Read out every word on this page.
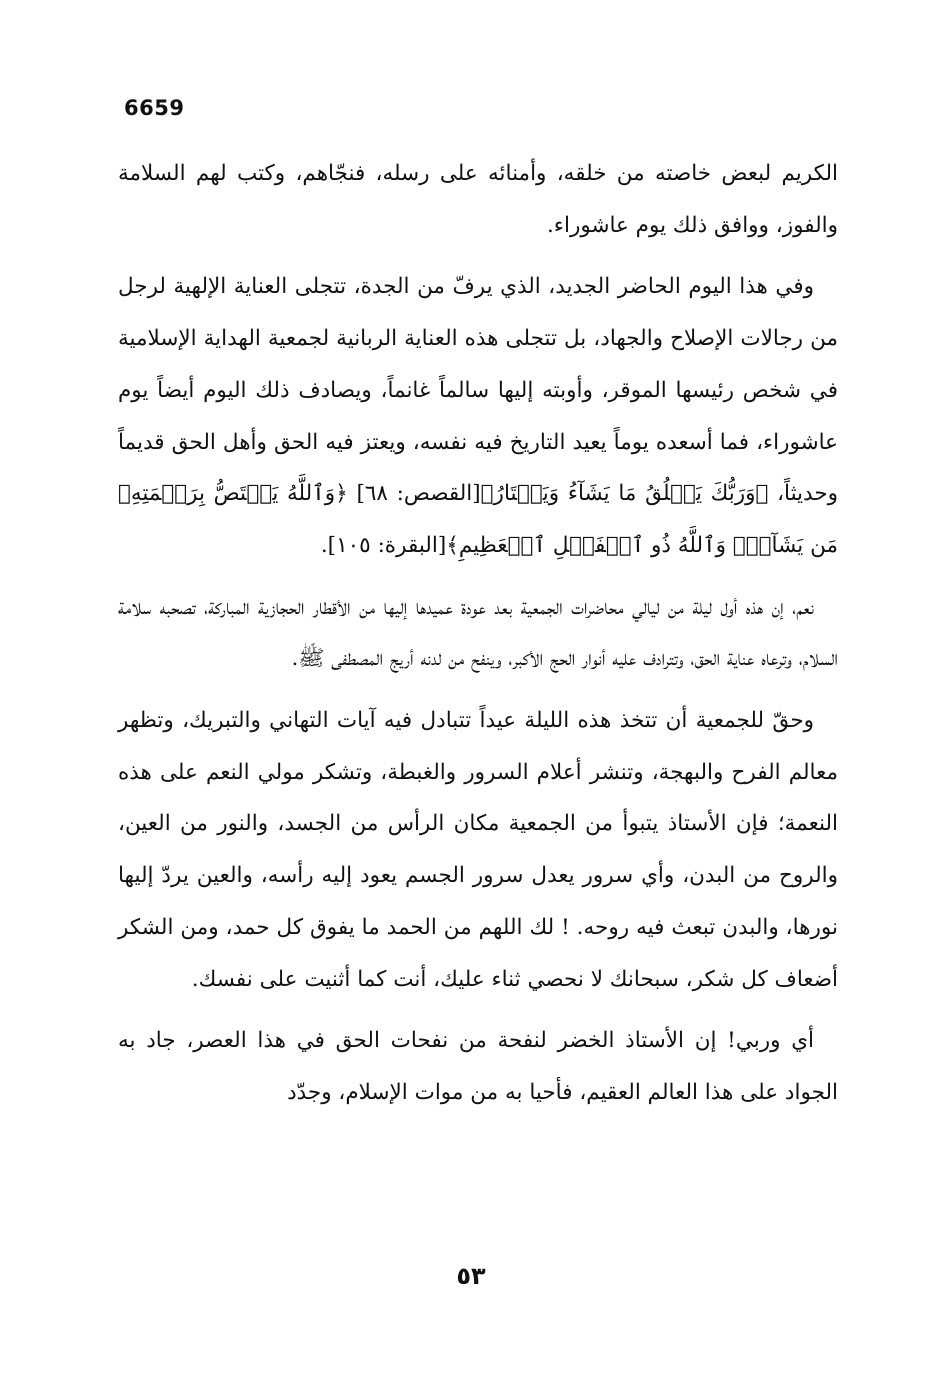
6659

الكريم لبعض خاصته من خلقه، وأمنائه على رسله، فنجّاهم، وكتب لهم السلامة والفوز، ووافق ذلك يوم عاشوراء.

وفي هذا اليوم الحاضر الجديد، الذي يرفّ من الجدة، تتجلى العناية الإلهية لرجل من رجالات الإصلاح والجهاد، بل تتجلى هذه العناية الربانية لجمعية الهداية الإسلامية في شخص رئيسها الموقر، وأوبته إليها سالماً غانماً، ويصادف ذلك اليوم أيضاً يوم عاشوراء، فما أسعده يوماً يعيد التاريخ فيه نفسه، ويعتز فيه الحق وأهل الحق قديماً وحديثاً، ﴿وَرَبُّكَ يَخۡلُقُ مَا يَشَآءُ وَيَخۡتَارُ﴾[القصص: ٦٨] ﴿وَٱللَّهُ يَخۡتَصُّ بِرَحۡمَتِهِۦ مَن يَشَآءُۚ وَٱللَّهُ ذُو ٱلۡفَضۡلِ ٱلۡعَظِيمِ﴾[البقرة: ١٠٥].

نعم، إن هذه أول ليلة من ليالي محاضرات الجمعية بعد عودة عميدها إليها من الأقطار الحجازية المباركة، تصحبه سلامة السلام، وترعاه عناية الحق، وتترادف عليه أنوار الحج الأكبر، وينفح من لدنه أريج المصطفى ﷺ.

وحقّ للجمعية أن تتخذ هذه الليلة عيداً تتبادل فيه آيات التهاني والتبريك، وتظهر معالم الفرح والبهجة، وتنشر أعلام السرور والغبطة، وتشكر مولي النعم على هذه النعمة؛ فإن الأستاذ يتبوأ من الجمعية مكان الرأس من الجسد، والنور من العين، والروح من البدن، وأي سرور يعدل سرور الجسم يعود إليه رأسه، والعين يردّ إليها نورها، والبدن تبعث فيه روحه. ! لك اللهم من الحمد ما يفوق كل حمد، ومن الشكر أضعاف كل شكر، سبحانك لا نحصي ثناء عليك، أنت كما أثنيت على نفسك.

أي وربي! إن الأستاذ الخضر لنفحة من نفحات الحق في هذا العصر، جاد به الجواد على هذا العالم العقيم، فأحيا به من موات الإسلام، وجدّد

٥٣
